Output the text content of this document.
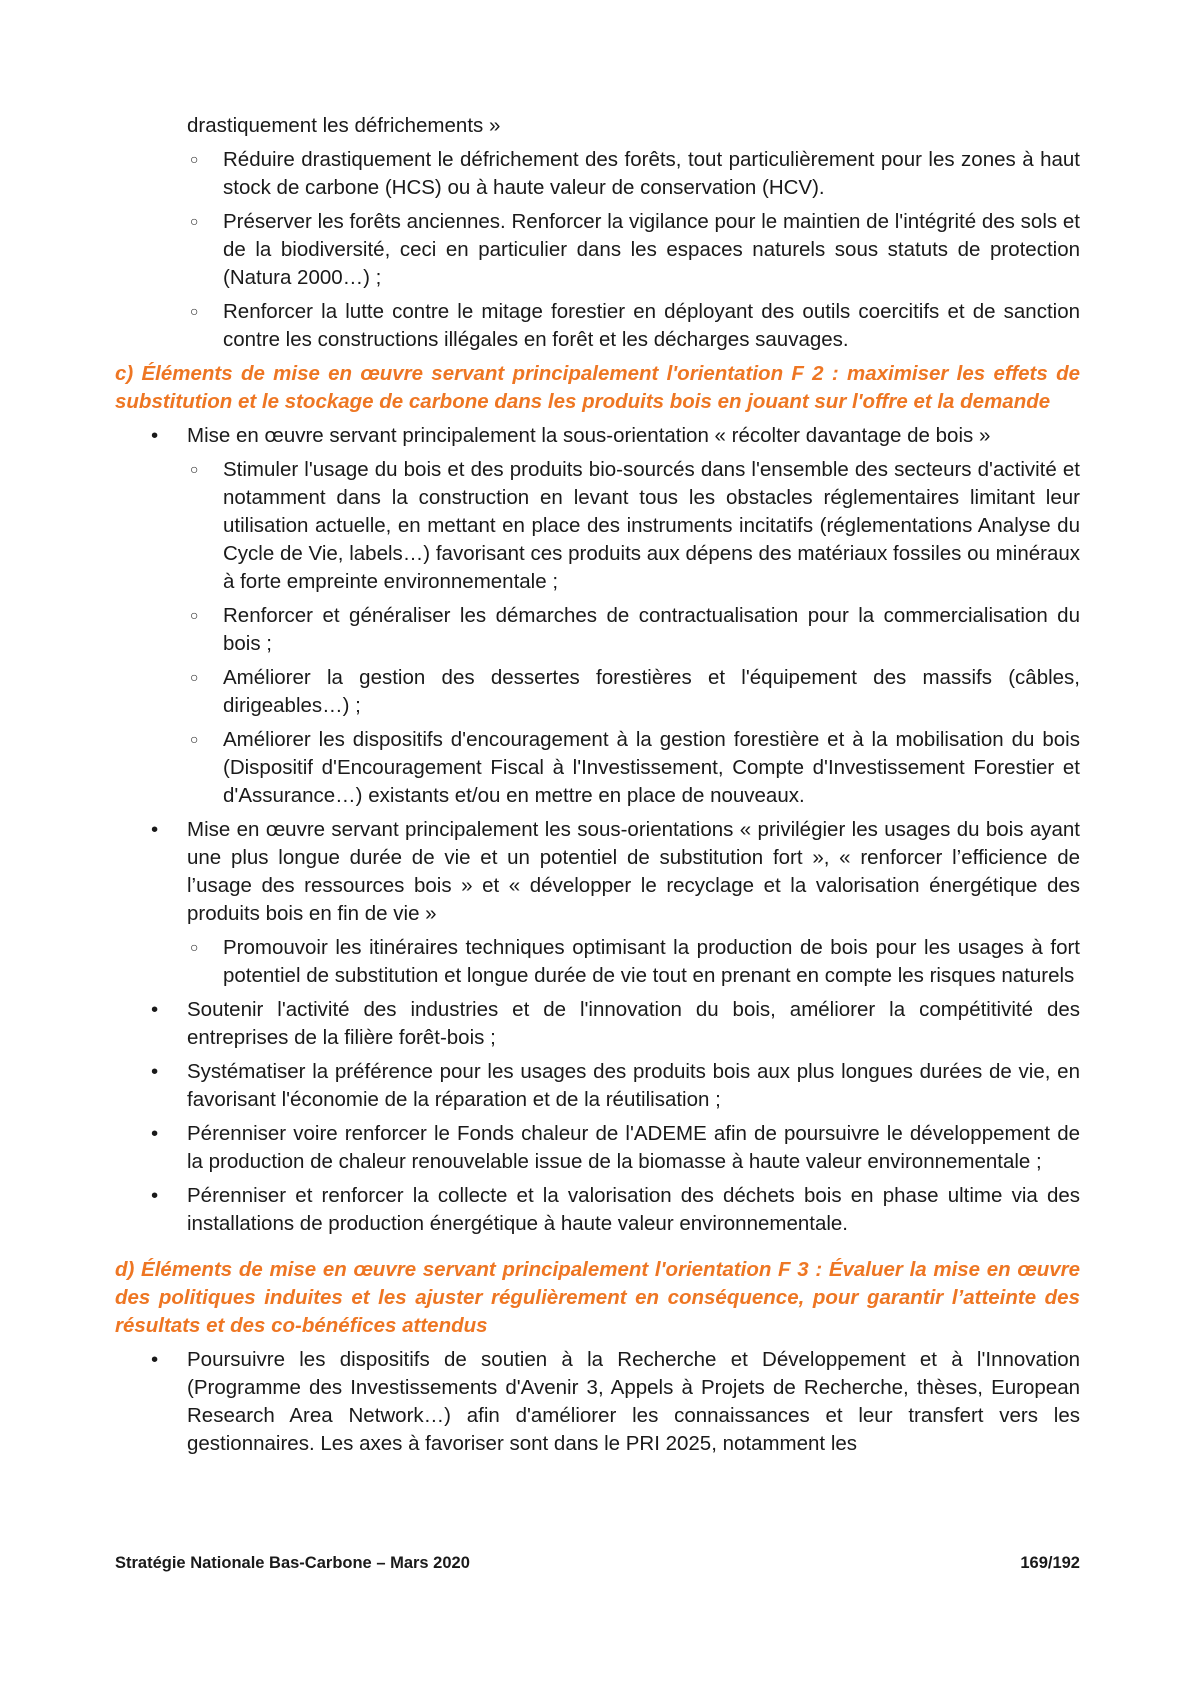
drastiquement les défrichements »
○ Réduire drastiquement le défrichement des forêts, tout particulièrement pour les zones à haut stock de carbone (HCS) ou à haute valeur de conservation (HCV).
○ Préserver les forêts anciennes. Renforcer la vigilance pour le maintien de l'intégrité des sols et de la biodiversité, ceci en particulier dans les espaces naturels sous statuts de protection (Natura 2000…) ;
○ Renforcer la lutte contre le mitage forestier en déployant des outils coercitifs et de sanction contre les constructions illégales en forêt et les décharges sauvages.
c) Éléments de mise en œuvre servant principalement l'orientation F 2 : maximiser les effets de substitution et le stockage de carbone dans les produits bois en jouant sur l'offre et la demande
• Mise en œuvre servant principalement la sous-orientation « récolter davantage de bois »
○ Stimuler l'usage du bois et des produits bio-sourcés dans l'ensemble des secteurs d'activité et notamment dans la construction en levant tous les obstacles réglementaires limitant leur utilisation actuelle, en mettant en place des instruments incitatifs (réglementations Analyse du Cycle de Vie, labels…) favorisant ces produits aux dépens des matériaux fossiles ou minéraux à forte empreinte environnementale ;
○ Renforcer et généraliser les démarches de contractualisation pour la commercialisation du bois ;
○ Améliorer la gestion des dessertes forestières et l'équipement des massifs (câbles, dirigeables…) ;
○ Améliorer les dispositifs d'encouragement à la gestion forestière et à la mobilisation du bois (Dispositif d'Encouragement Fiscal à l'Investissement, Compte d'Investissement Forestier et d'Assurance…) existants et/ou en mettre en place de nouveaux.
• Mise en œuvre servant principalement les sous-orientations « privilégier les usages du bois ayant une plus longue durée de vie et un potentiel de substitution fort », « renforcer l’efficience de l’usage des ressources bois » et « développer le recyclage et la valorisation énergétique des produits bois en fin de vie »
○ Promouvoir les itinéraires techniques optimisant la production de bois pour les usages à fort potentiel de substitution et longue durée de vie tout en prenant en compte les risques naturels
• Soutenir l'activité des industries et de l'innovation du bois, améliorer la compétitivité des entreprises de la filière forêt-bois ;
• Systématiser la préférence pour les usages des produits bois aux plus longues durées de vie, en favorisant l'économie de la réparation et de la réutilisation ;
• Pérenniser voire renforcer le Fonds chaleur de l'ADEME afin de poursuivre le développement de la production de chaleur renouvelable issue de la biomasse à haute valeur environnementale ;
• Pérenniser et renforcer la collecte et la valorisation des déchets bois en phase ultime via des installations de production énergétique à haute valeur environnementale.
d) Éléments de mise en œuvre servant principalement l'orientation F 3 : Évaluer la mise en œuvre des politiques induites et les ajuster régulièrement en conséquence, pour garantir l’atteinte des résultats et des co-bénéfices attendus
• Poursuivre les dispositifs de soutien à la Recherche et Développement et à l'Innovation (Programme des Investissements d'Avenir 3, Appels à Projets de Recherche, thèses, European Research Area Network…) afin d'améliorer les connaissances et leur transfert vers les gestionnaires. Les axes à favoriser sont dans le PRI 2025, notamment les
Stratégie Nationale Bas-Carbone – Mars 2020	169/192
